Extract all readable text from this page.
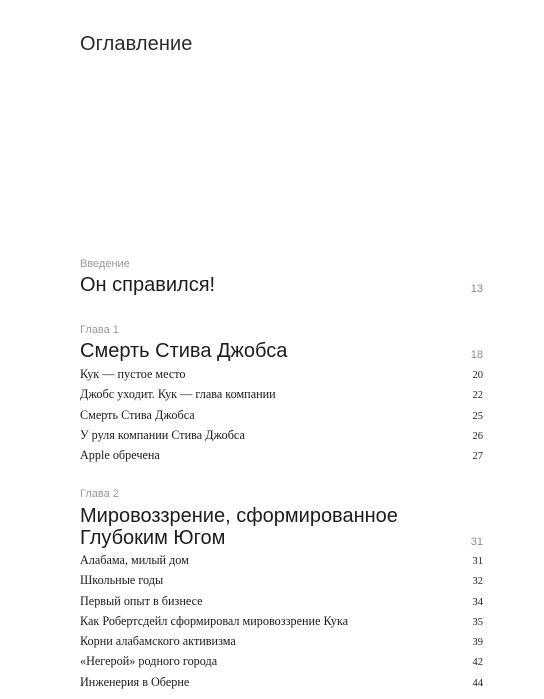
Оглавление
Введение
Он справился!	13
Глава 1
Смерть Стива Джобса	18
Кук — пустое место	20
Джобс уходит. Кук — глава компании	22
Смерть Стива Джобса	25
У руля компании Стива Джобса	26
Apple обречена	27
Глава 2
Мировоззрение, сформированное
Глубоким Югом	31
Алабама, милый дом	31
Школьные годы	32
Первый опыт в бизнесе	34
Как Робертсдейл сформировал мировоззрение Кука	35
Корни алабамского активизма	39
«Негерой» родного города	42
Инженерия в Оберне	44
